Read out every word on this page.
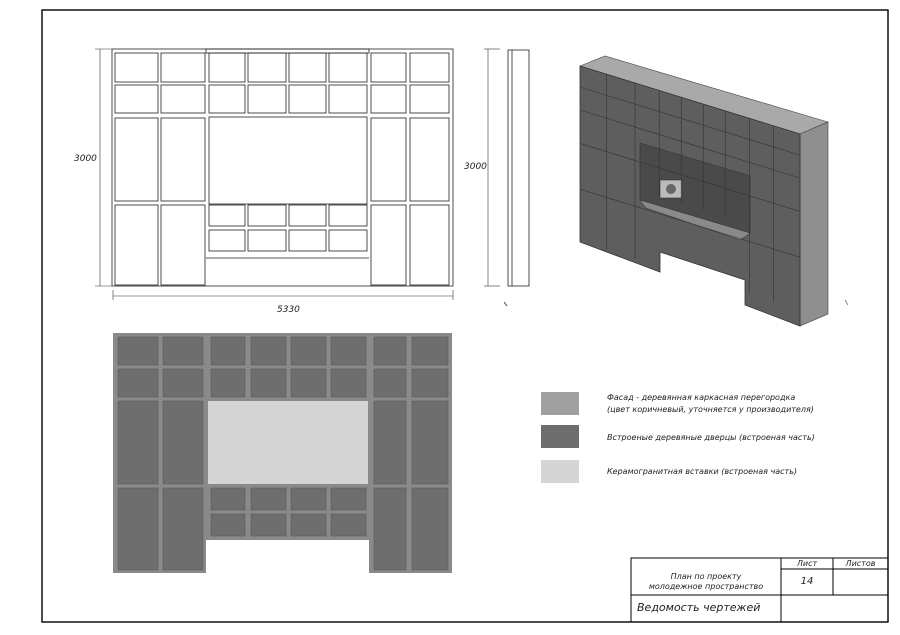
3000
3000
5330
Фасад - деревянная каркасная перегородка
(цвет коричневый, уточняется у производителя)
Встроеные деревяные дверцы (встроеная часть)
Керамогранитная вставки (встроеная часть)
Лист	Листов
План по проекту
молодежное пространство	14
Ведомость чертежей
